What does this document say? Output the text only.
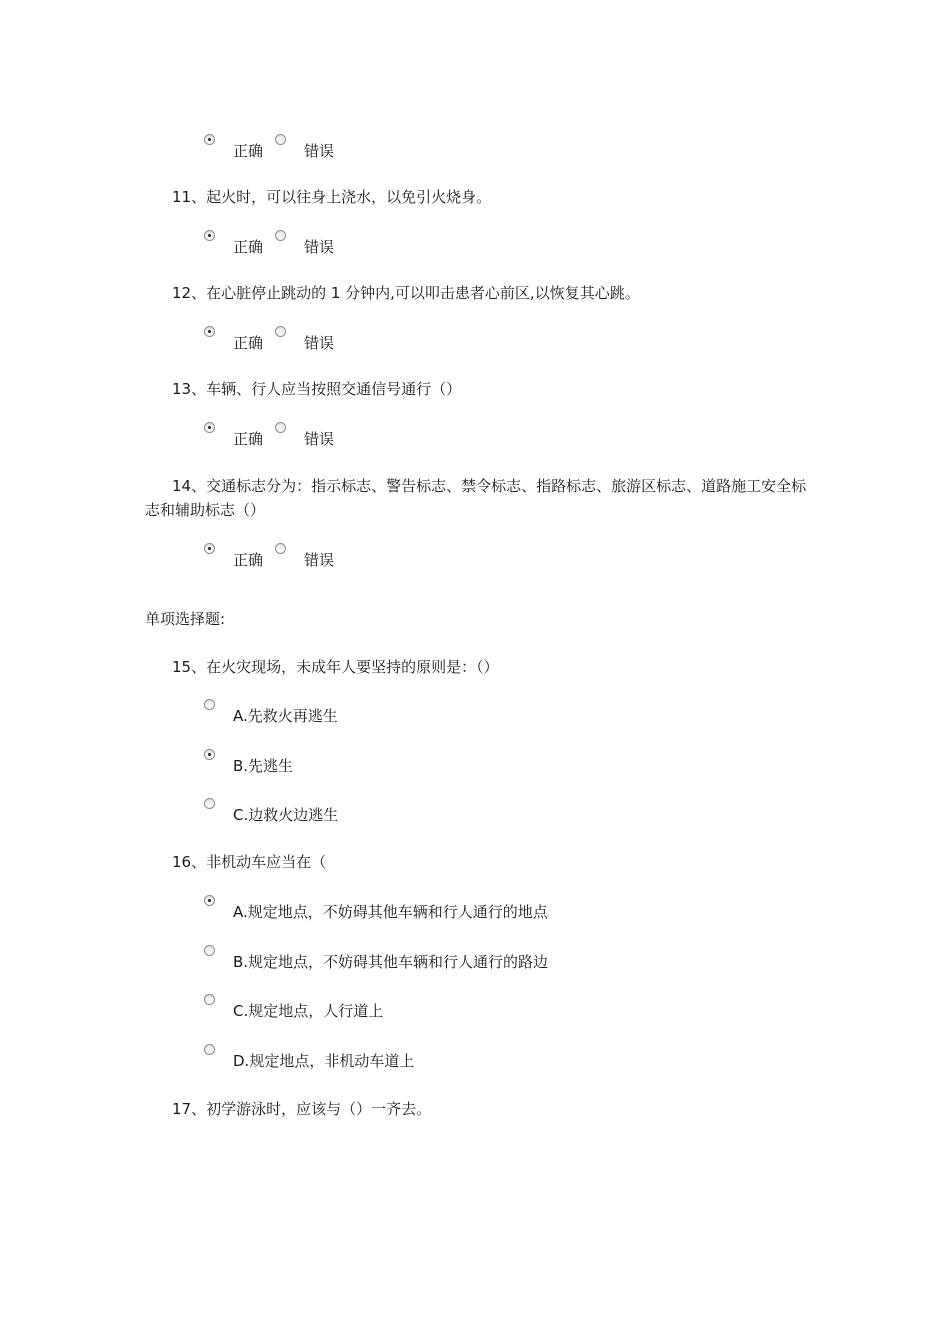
正确	错误
11、起火时，可以往身上浇水，以免引火烧身。
正确	错误
12、在心脏停止跳动的 1 分钟内,可以叩击患者心前区,以恢复其心跳。
正确	错误
13、车辆、行人应当按照交通信号通行（）
正确	错误
14、交通标志分为：指示标志、警告标志、禁令标志、指路标志、旅游区标志、道路施工安全标志和辅助标志（）
正确	错误
单项选择题:
15、在火灾现场，未成年人要坚持的原则是：（）
A.先救火再逃生
B.先逃生
C.边救火边逃生
16、非机动车应当在（
A.规定地点，不妨碍其他车辆和行人通行的地点
B.规定地点，不妨碍其他车辆和行人通行的路边
C.规定地点，人行道上
D.规定地点，非机动车道上
17、初学游泳时，应该与（）一齐去。
